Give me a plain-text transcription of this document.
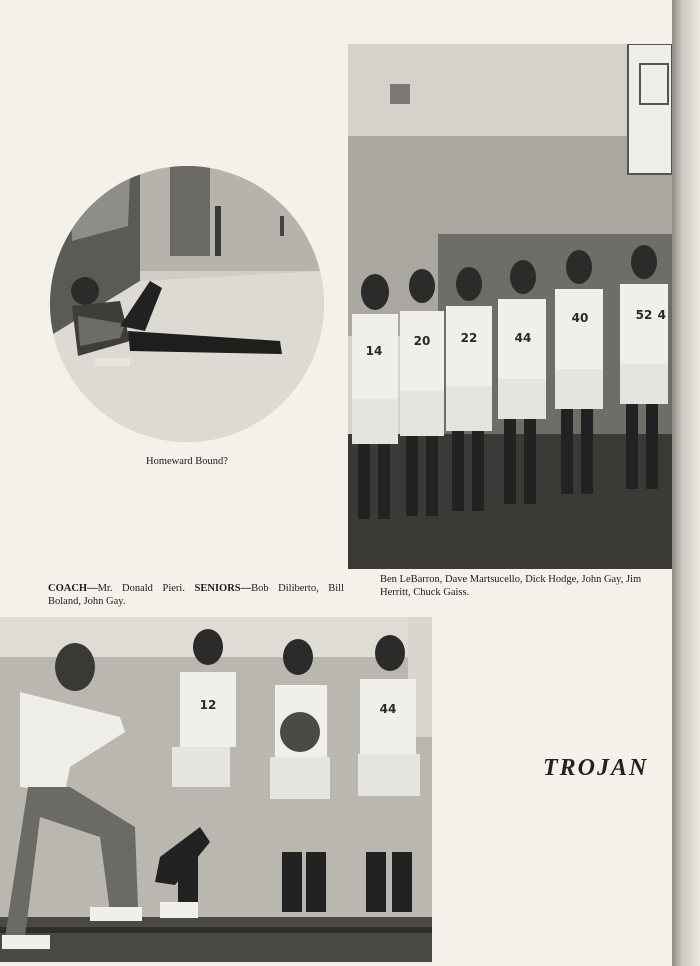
Homeward Bound?
14
20	22	44
40	52 4
COACH—Mr. Donald Pieri. SENIORS—Bob Diliberto, Bill Boland, John Gay.
Ben LeBarron, Dave Martsucello, Dick Hodge, John Gay, Jim Herritt, Chuck Gaiss.
12	44
TROJAN
